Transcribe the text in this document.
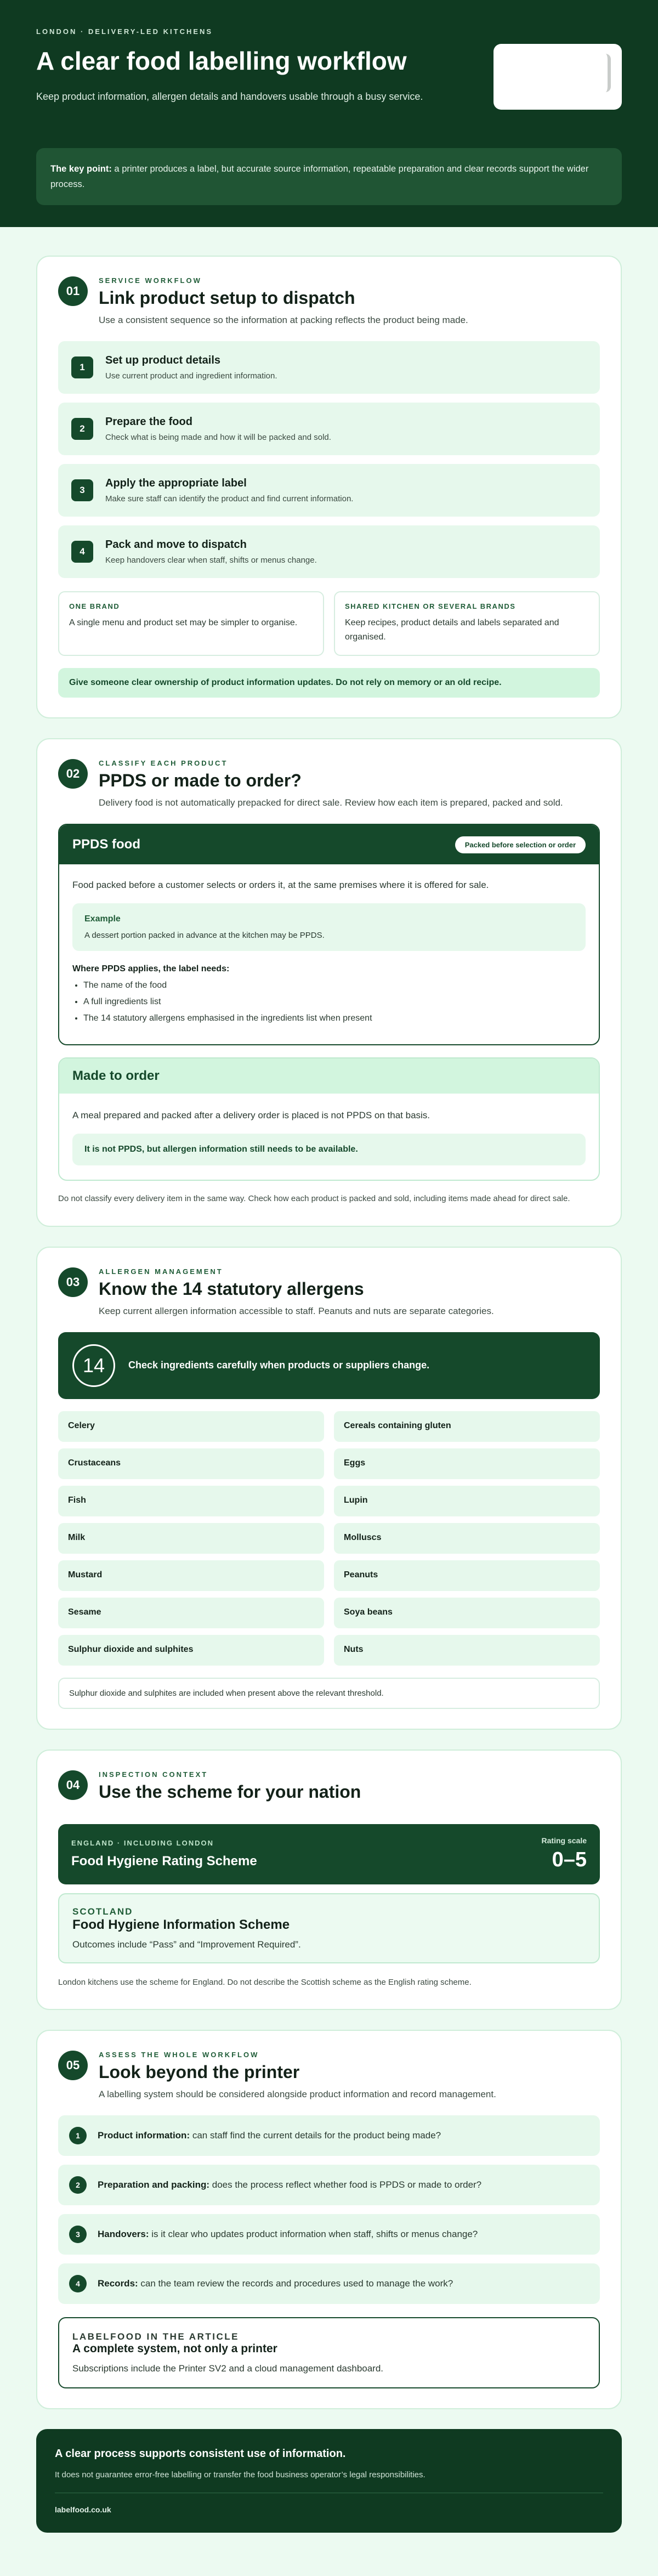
LONDON · DELIVERY-LED KITCHENS

A clear food labelling workflow

Keep product information, allergen details and handovers usable through a busy service.

The key point: a printer produces a label, but accurate source information, repeatable preparation and clear records support the wider process.
01

SERVICE WORKFLOW

Link product setup to dispatch

Use a consistent sequence so the information at packing reflects the product being made.

1

Set up product details

Use current product and ingredient information.

2

Prepare the food

Check what is being made and how it will be packed and sold.

3

Apply the appropriate label

Make sure staff can identify the product and find current information.

4

Pack and move to dispatch

Keep handovers clear when staff, shifts or menus change.

ONE BRAND

A single menu and product set may be simpler to organise.

SHARED KITCHEN OR SEVERAL BRANDS

Keep recipes, product details and labels separated and organised.

Give someone clear ownership of product information updates. Do not rely on memory or an old recipe.
02

CLASSIFY EACH PRODUCT

PPDS or made to order?

Delivery food is not automatically prepacked for direct sale. Review how each item is prepared, packed and sold.

PPDS food	Packed before selection or order

Food packed before a customer selects or orders it, at the same premises where it is offered for sale.

Example

A dessert portion packed in advance at the kitchen may be PPDS.

Where PPDS applies, the label needs:

• The name of the food
• A full ingredients list
• The 14 statutory allergens emphasised in the ingredients list when present
Made to order

A meal prepared and packed after a delivery order is placed is not PPDS on that basis.

It is not PPDS, but allergen information still needs to be available.

Do not classify every delivery item in the same way. Check how each product is packed and sold, including items made ahead for direct sale.

03

ALLERGEN MANAGEMENT

Know the 14 statutory allergens

Keep current allergen information accessible to staff. Peanuts and nuts are separate categories.

14	Check ingredients carefully when products or suppliers change.

Celery	Cereals containing gluten
Crustaceans	Eggs
Fish	Lupin
Milk	Molluscs
Mustard	Peanuts
Sesame	Soya beans
Sulphur dioxide and sulphites	Nuts
Sulphur dioxide and sulphites are included when present above the relevant threshold.
04

INSPECTION CONTEXT

Use the scheme for your nation

ENGLAND · INCLUDING LONDON

Food Hygiene Rating Scheme

Rating scale

0–5

SCOTLAND

Food Hygiene Information Scheme

Outcomes include “Pass” and “Improvement Required”.

London kitchens use the scheme for England. Do not describe the Scottish scheme as the English rating scheme.

05

ASSESS THE WHOLE WORKFLOW

Look beyond the printer

A labelling system should be considered alongside product information and record management.

1	Product information: can staff find the current details for the product being made?

2	Preparation and packing: does the process reflect whether food is PPDS or made to order?

3	Handovers: is it clear who updates product information when staff, shifts or menus change?

4	Records: can the team review the records and procedures used to manage the work?

LABELFOOD IN THE ARTICLE

A complete system, not only a printer

Subscriptions include the Printer SV2 and a cloud management dashboard.

A clear process supports consistent use of information.

It does not guarantee error-free labelling or transfer the food business operator’s legal responsibilities.

labelfood.co.uk
